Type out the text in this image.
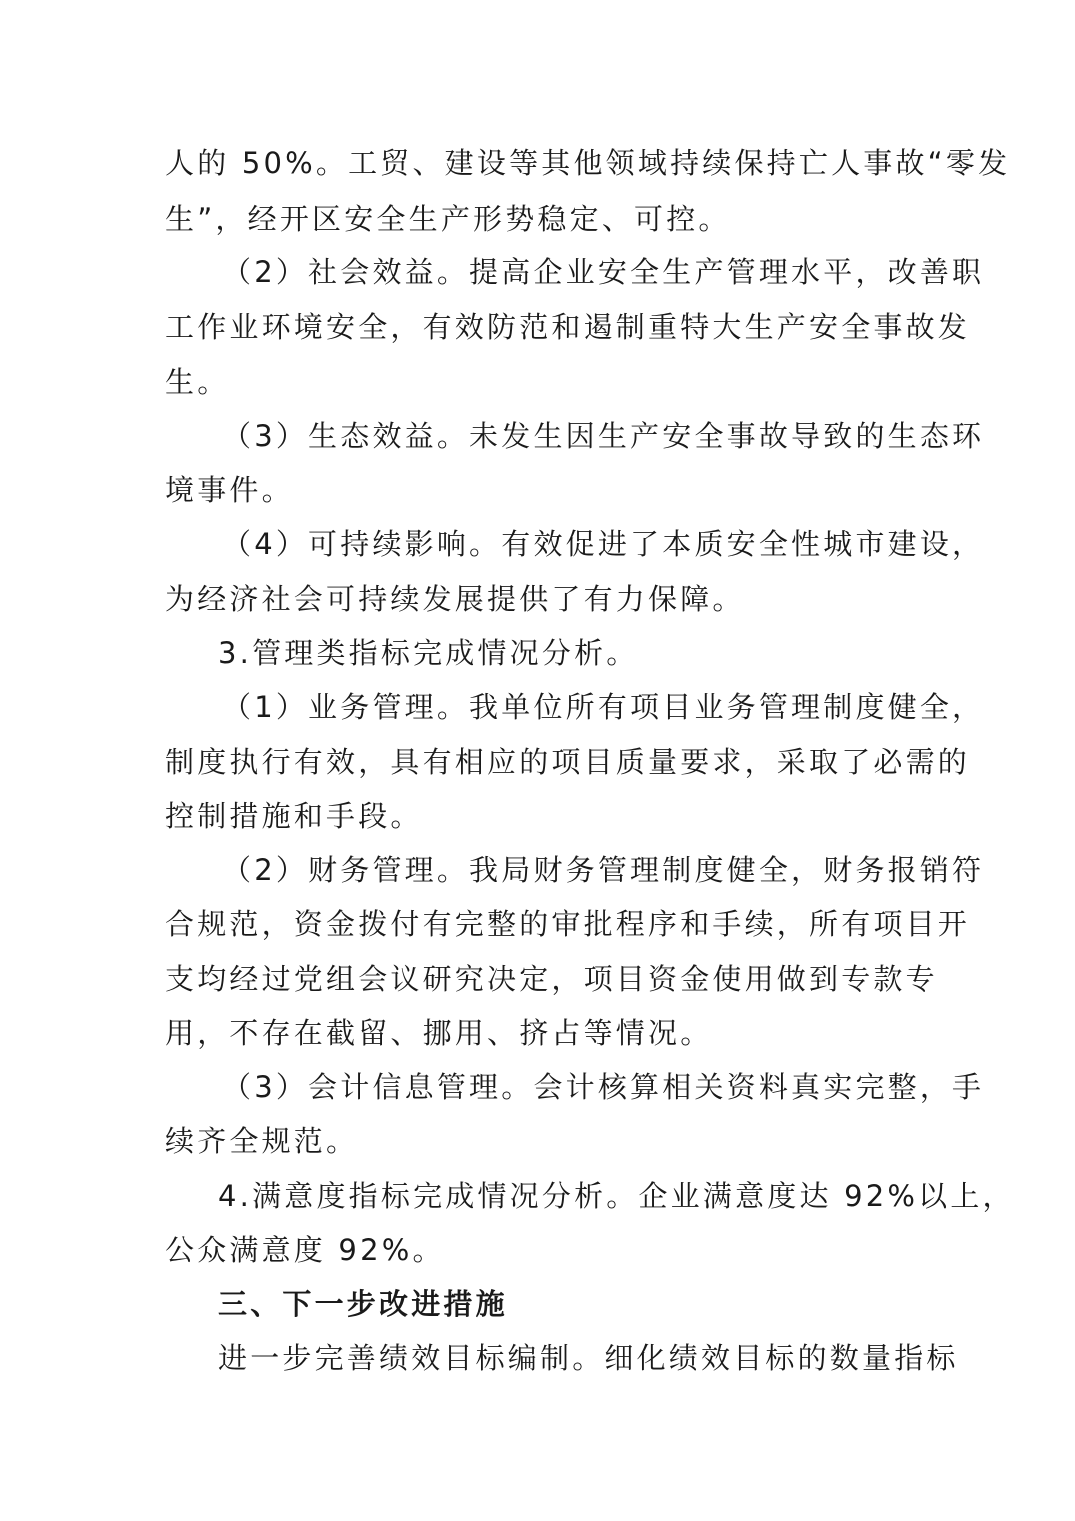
人的 50%。工贸、建设等其他领域持续保持亡人事故“零发
生”，经开区安全生产形势稳定、可控。
（2）社会效益。提高企业安全生产管理水平，改善职
工作业环境安全，有效防范和遏制重特大生产安全事故发
生。
（3）生态效益。未发生因生产安全事故导致的生态环
境事件。
（4）可持续影响。有效促进了本质安全性城市建设，
为经济社会可持续发展提供了有力保障。
3.管理类指标完成情况分析。
（1）业务管理。我单位所有项目业务管理制度健全，
制度执行有效，具有相应的项目质量要求，采取了必需的
控制措施和手段。
（2）财务管理。我局财务管理制度健全，财务报销符
合规范，资金拨付有完整的审批程序和手续，所有项目开
支均经过党组会议研究决定，项目资金使用做到专款专
用，不存在截留、挪用、挤占等情况。
（3）会计信息管理。会计核算相关资料真实完整，手
续齐全规范。
4.满意度指标完成情况分析。企业满意度达 92%以上，
公众满意度 92%。
三、下一步改进措施
进一步完善绩效目标编制。细化绩效目标的数量指标
